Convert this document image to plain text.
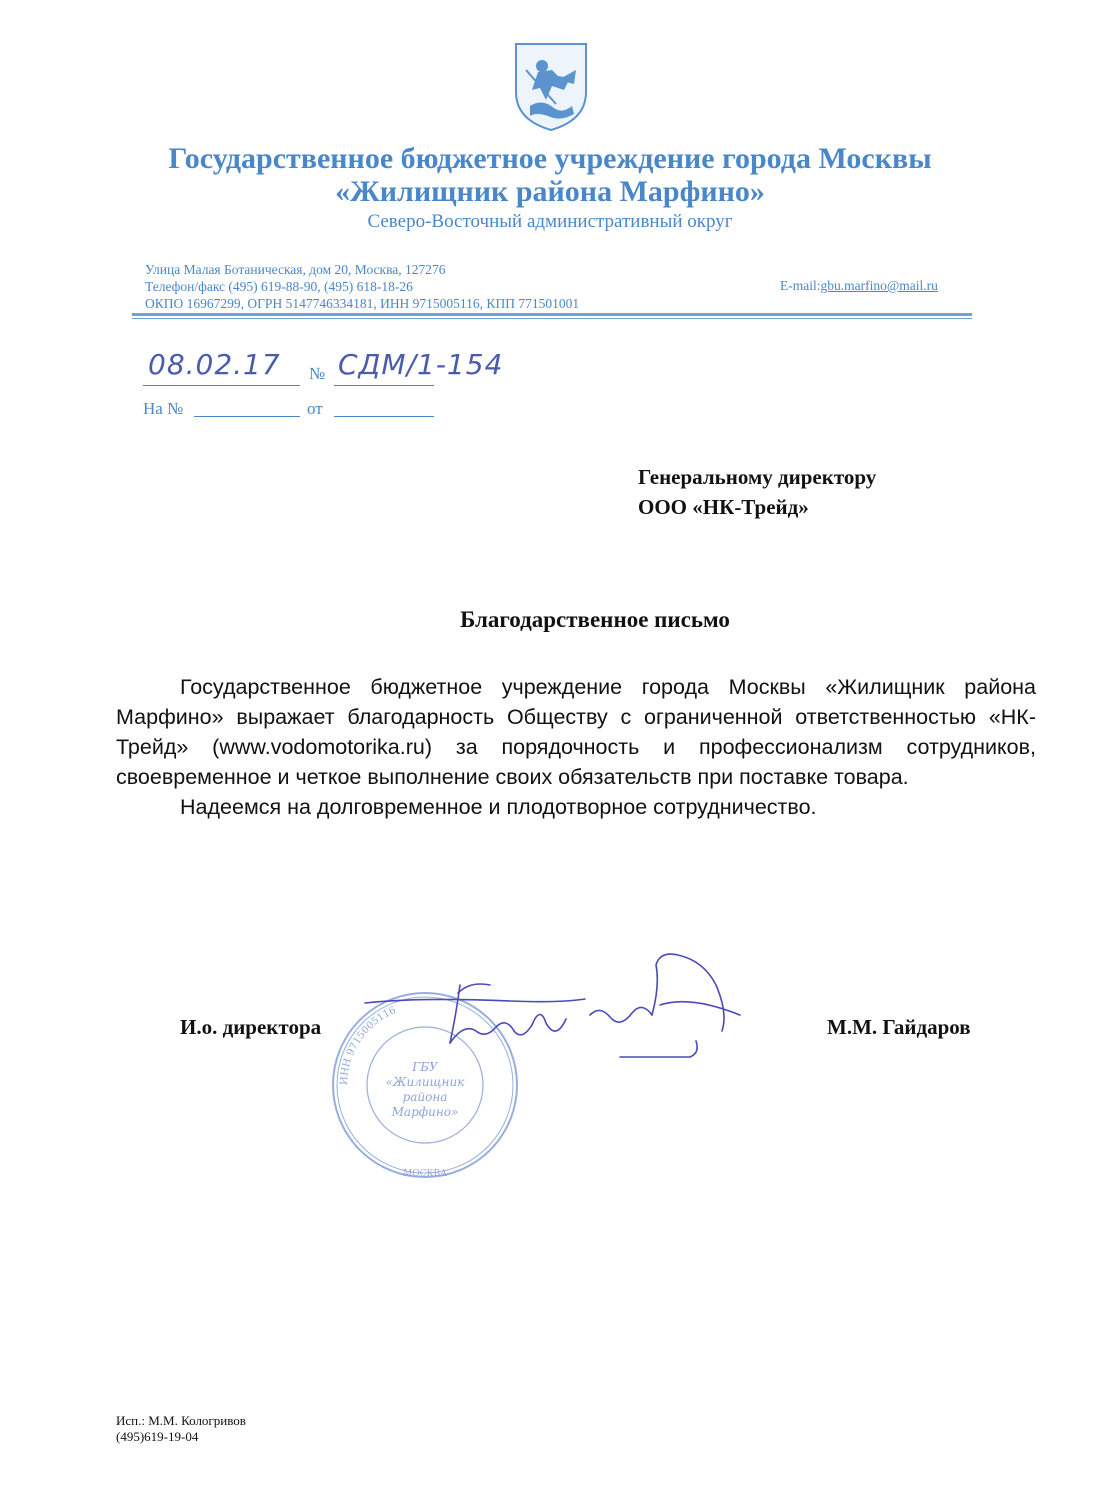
Государственное бюджетное учреждение города Москвы
«Жилищник района Марфино»
Северо-Восточный административный округ
Улица Малая Ботаническая, дом 20, Москва, 127276
Телефон/факс (495) 619-88-90, (495) 618-18-26
ОКПО 16967299, ОГРН 5147746334181, ИНН 9715005116, КПП 771501001
E-mail:gbu.marfino@mail.ru
08.02.17 № СДМ/1-154
На №	от
Генеральному директору
ООО «НК-Трейд»
Благодарственное письмо

Государственное бюджетное учреждение города Москвы «Жилищник района Марфино» выражает благодарность Обществу с ограниченной ответственностью «НК-Трейд» (www.vodomotorika.ru) за порядочность и профессионализм сотрудников, своевременное и четкое выполнение своих обязательств при поставке товара.

Надеемся на долговременное и плодотворное сотрудничество.

ИНН 9715005116
МОСКВА
ГБУ «Жилищник района Марфино»
И.о. директора	М.М. Гайдаров
Исп.: М.М. Кологривов
(495)619-19-04
